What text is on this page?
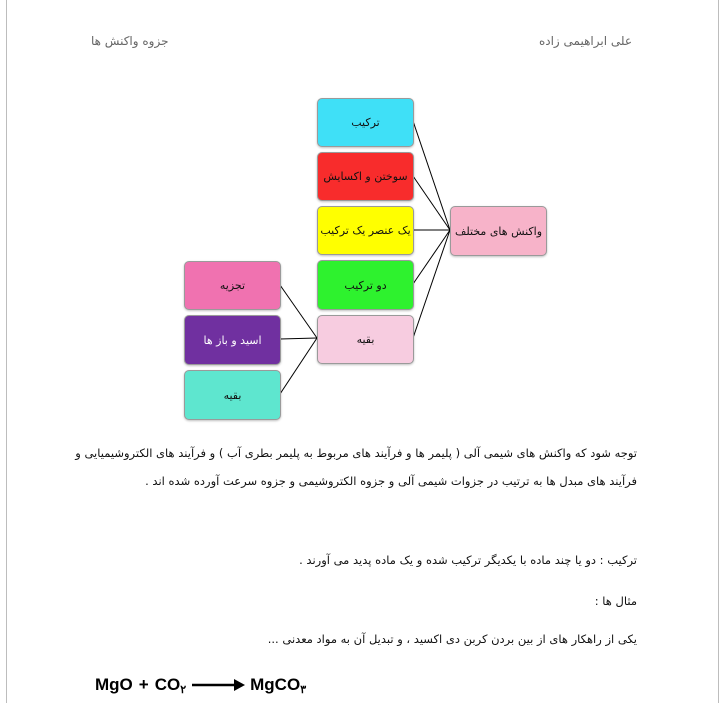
علی ابراهیمی زاده
جزوه واکنش ها
واکنش های مختلف
ترکیب
سوختن و اکسایش
یک عنصر یک ترکیب
دو ترکیب
بقیه
تجزیه
اسید و باز ها
بقیه
توجه شود که واکنش های شیمی آلی ( پلیمر ها و فرآیند های مربوط به پلیمر بطری آب ) و فرآیند های الکتروشیمیایی و
فرآیند های مبدل ها به ترتیب در جزوات شیمی آلی و جزوه الکتروشیمی و جزوه سرعت آورده شده اند .
ترکیب : دو یا چند ماده با یکدیگر ترکیب شده و یک ماده پدید می آورند .
مثال ها :
یکی از راهکار های از بین بردن کربن دی اکسید ، و تبدیل آن به مواد معدنی ...
MgO + CO ۲ → MgCO ۳
